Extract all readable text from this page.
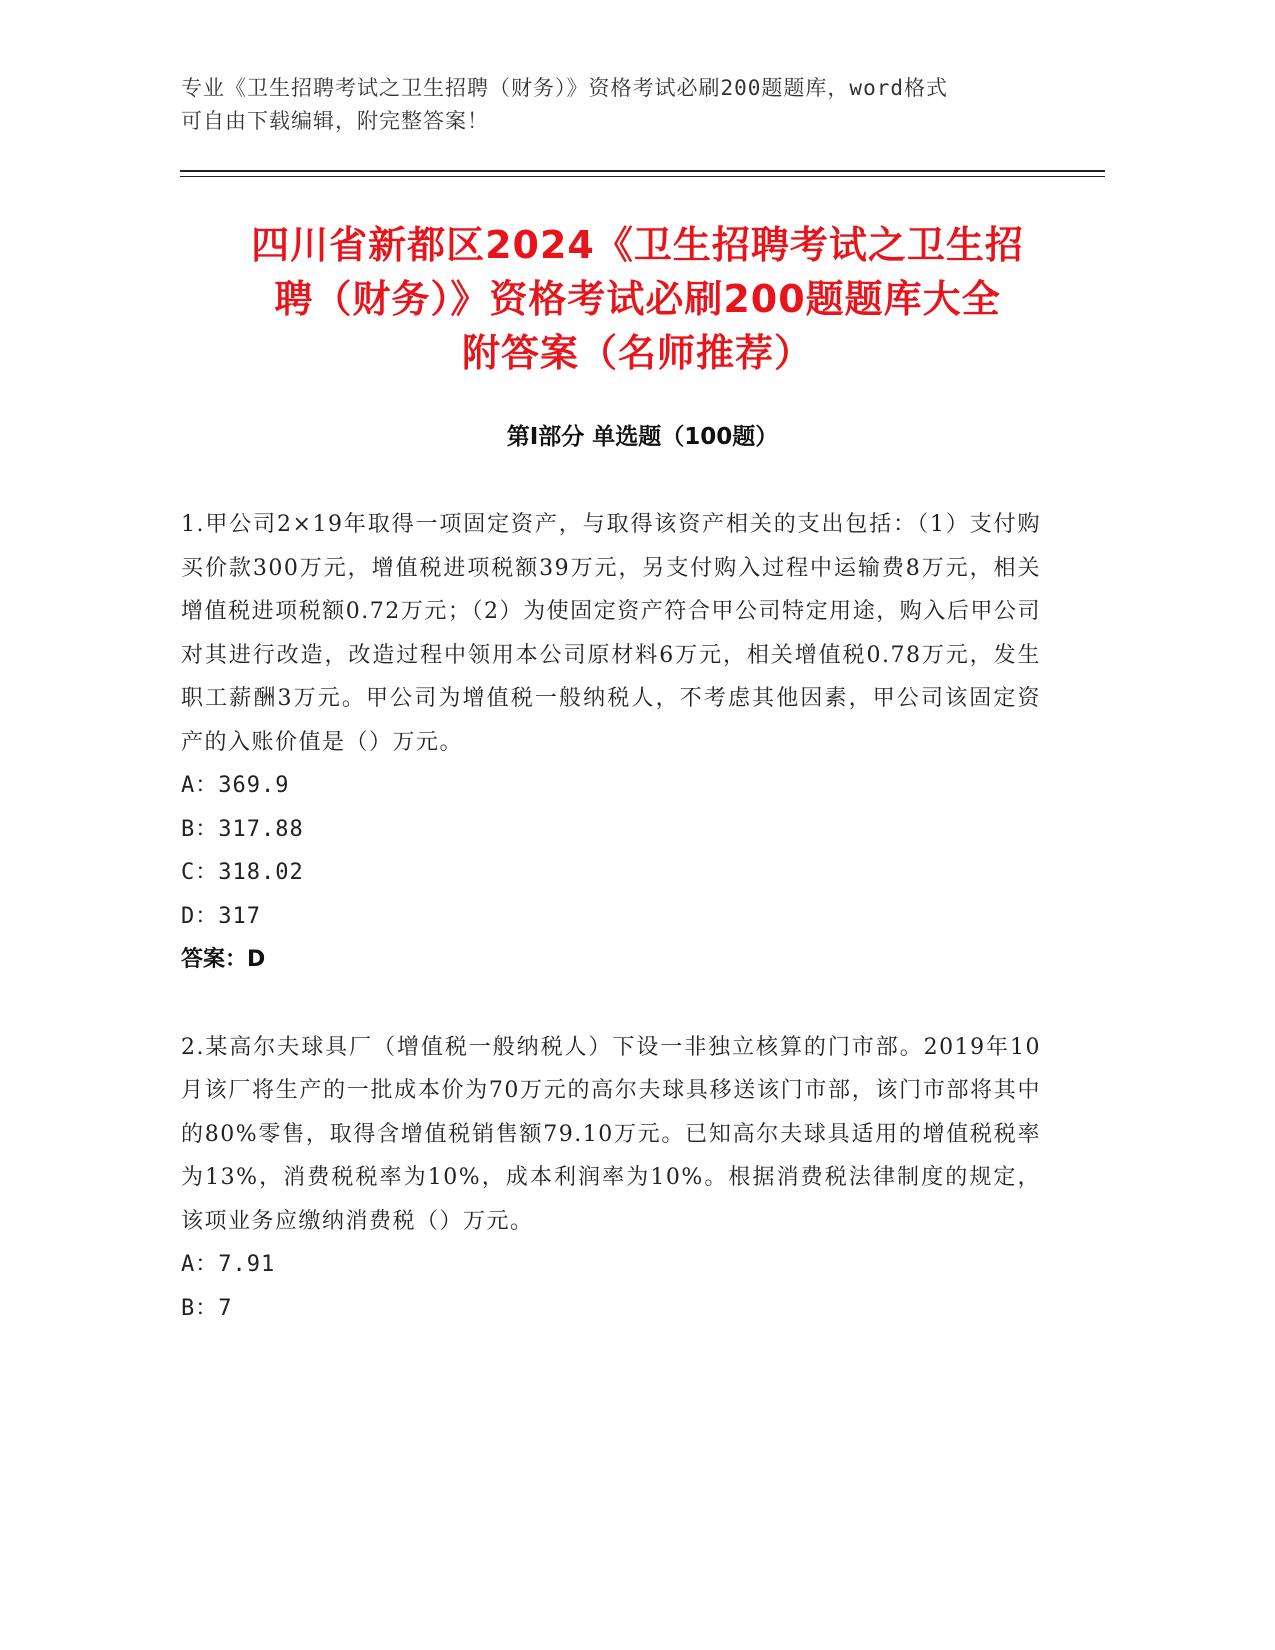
专业《卫生招聘考试之卫生招聘（财务）》资格考试必刷200题题库，word格式
可自由下载编辑，附完整答案！
四川省新都区2024《卫生招聘考试之卫生招
聘（财务）》资格考试必刷200题题库大全
附答案（名师推荐）
第Ⅰ部分 单选题（100题）
1.甲公司2×19年取得一项固定资产，与取得该资产相关的支出包括：（1）支付购买价款300万元，增值税进项税额39万元，另支付购入过程中运输费8万元，相关增值税进项税额0.72万元；（2）为使固定资产符合甲公司特定用途，购入后甲公司对其进行改造，改造过程中领用本公司原材料6万元，相关增值税0.78万元，发生职工薪酬3万元。甲公司为增值税一般纳税人，不考虑其他因素，甲公司该固定资产的入账价值是（）万元。
A：369.9
B：317.88
C：318.02
D：317
答案：D
2.某高尔夫球具厂（增值税一般纳税人）下设一非独立核算的门市部。2019年10月该厂将生产的一批成本价为70万元的高尔夫球具移送该门市部，该门市部将其中的80%零售，取得含增值税销售额79.10万元。已知高尔夫球具适用的增值税税率为13%，消费税税率为10%，成本利润率为10%。根据消费税法律制度的规定，该项业务应缴纳消费税（）万元。
A：7.91
B：7
